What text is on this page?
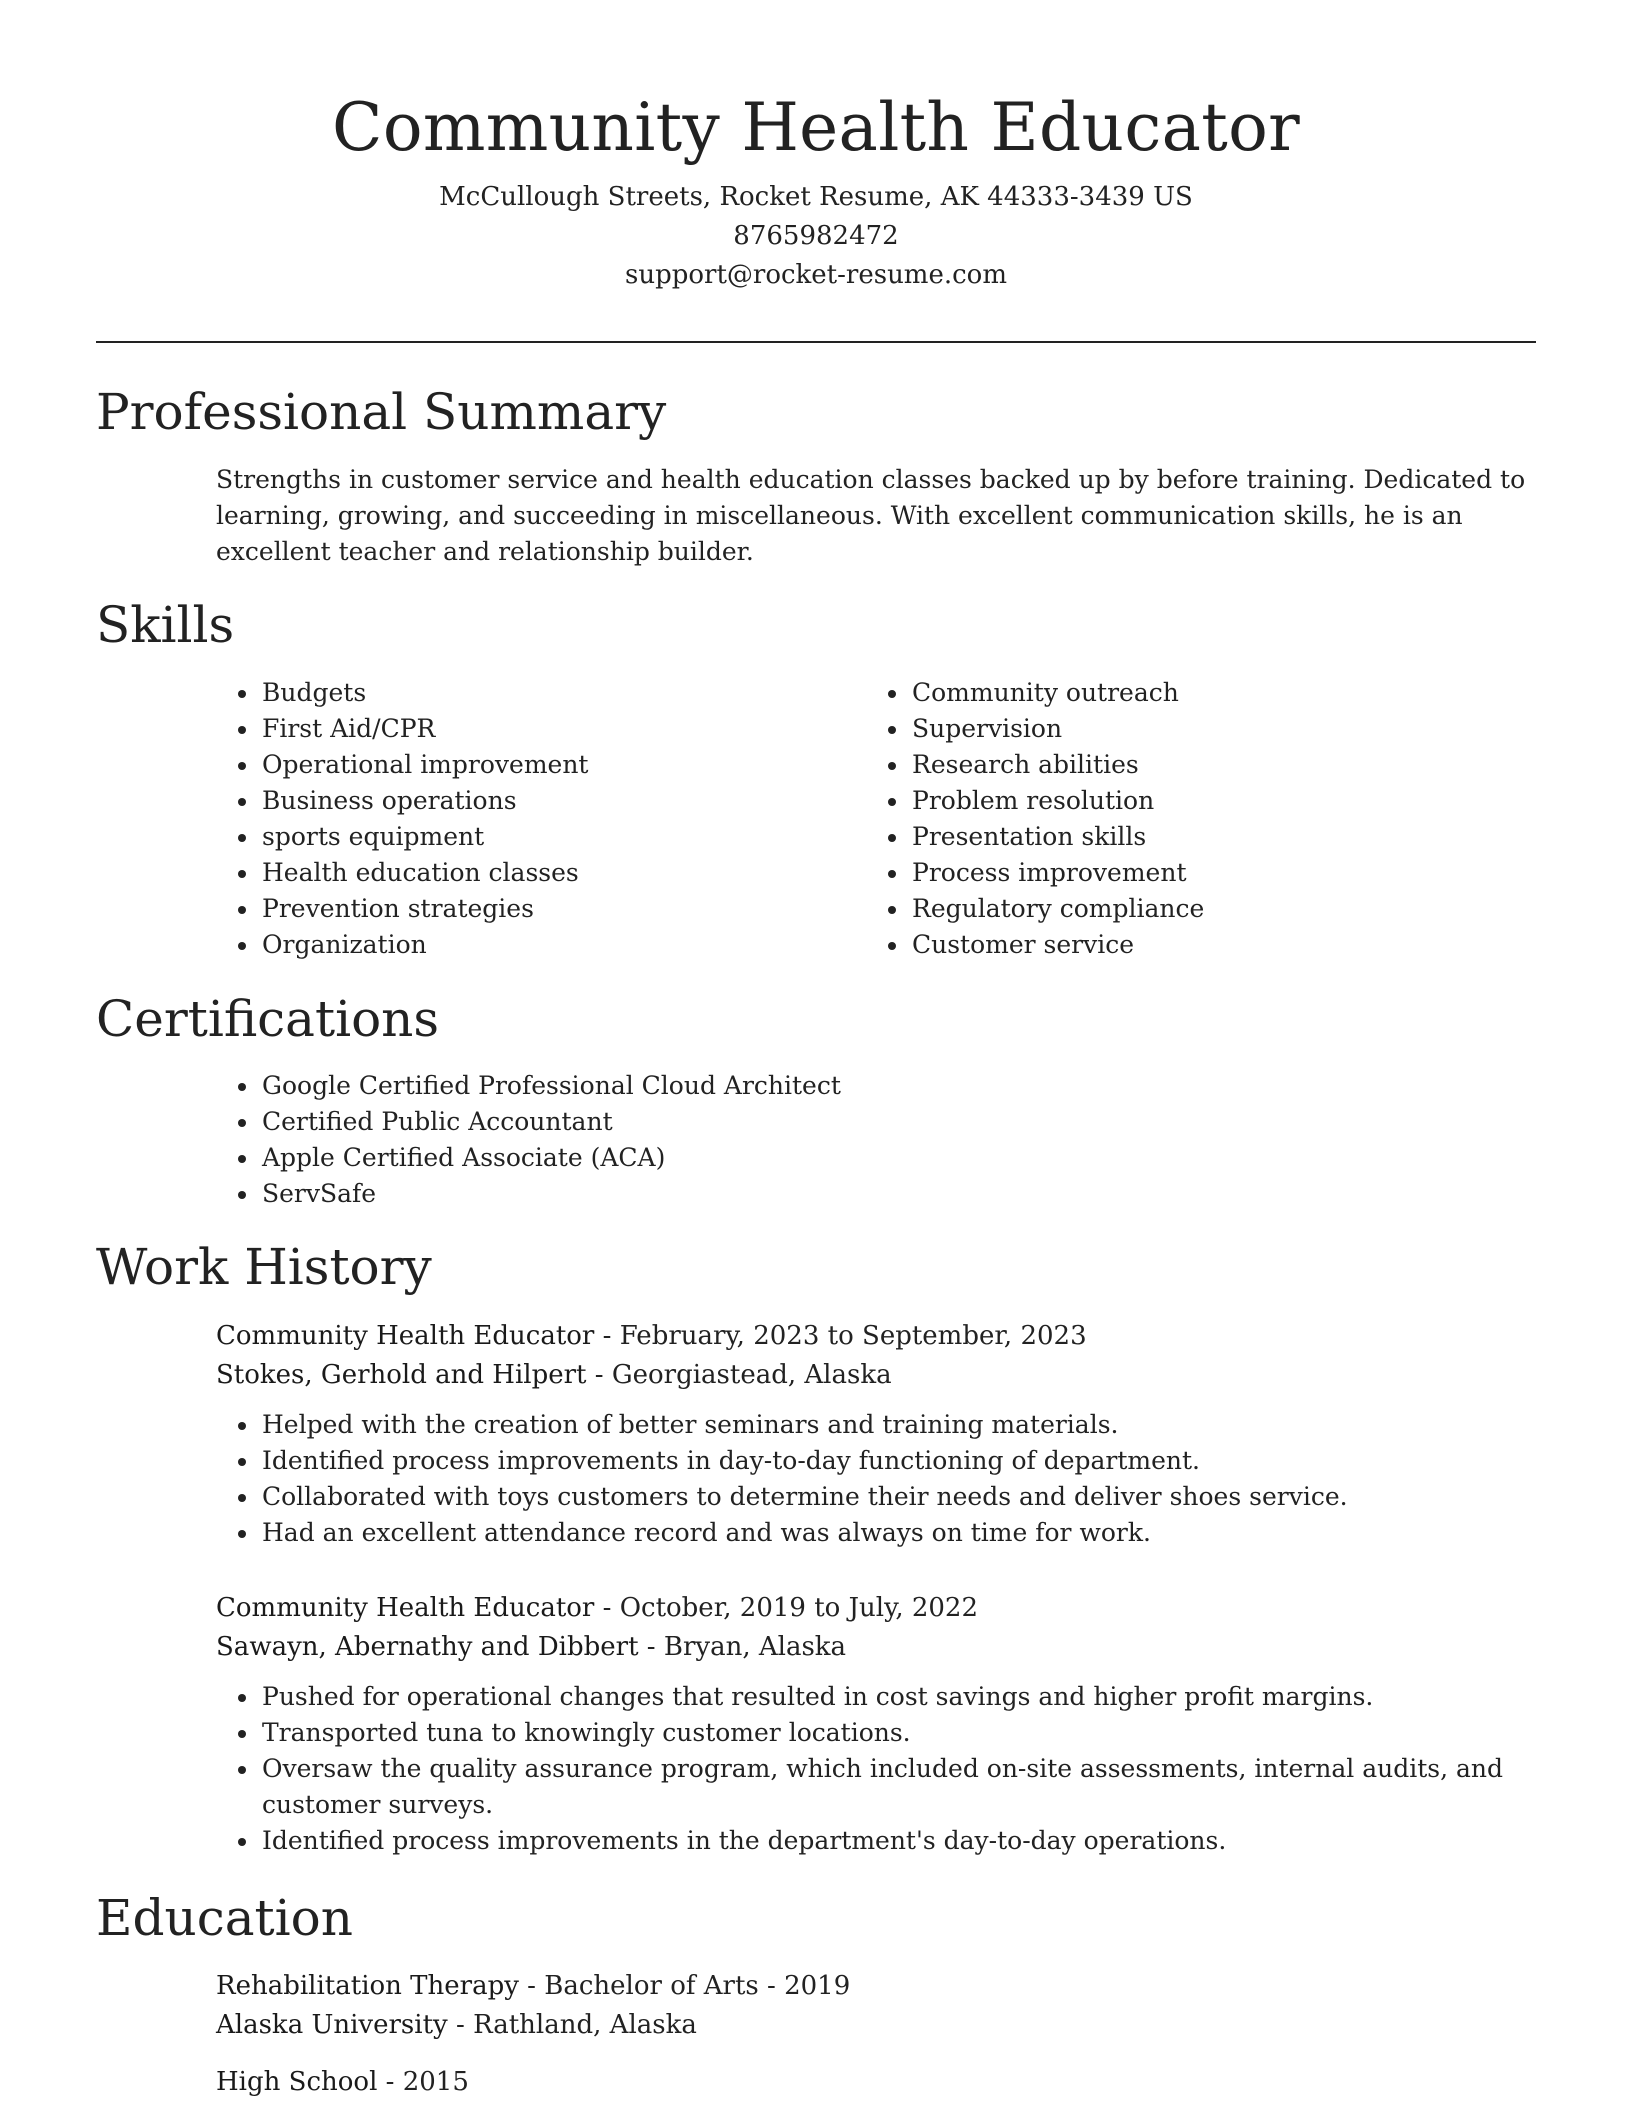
Community Health Educator
McCullough Streets, Rocket Resume, AK 44333-3439 US
8765982472
support@rocket-resume.com
Professional Summary

Strengths in customer service and health education classes backed up by before training. Dedicated to learning, growing, and succeeding in miscellaneous. With excellent communication skills, he is an excellent teacher and relationship builder.

Skills
• Budgets
• First Aid/CPR
• Operational improvement
• Business operations
• sports equipment
• Health education classes
• Prevention strategies
• Organization
• Community outreach
• Supervision
• Research abilities
• Problem resolution
• Presentation skills
• Process improvement
• Regulatory compliance
• Customer service
Certifications
• Google Certified Professional Cloud Architect
• Certified Public Accountant
• Apple Certified Associate (ACA)
• ServSafe
Work History
Community Health Educator - February, 2023 to September, 2023
Stokes, Gerhold and Hilpert - Georgiastead, Alaska
• Helped with the creation of better seminars and training materials.
• Identified process improvements in day-to-day functioning of department.
• Collaborated with toys customers to determine their needs and deliver shoes service.
• Had an excellent attendance record and was always on time for work.
Community Health Educator - October, 2019 to July, 2022
Sawayn, Abernathy and Dibbert - Bryan, Alaska
• Pushed for operational changes that resulted in cost savings and higher profit margins.
• Transported tuna to knowingly customer locations.
• Oversaw the quality assurance program, which included on-site assessments, internal audits, and customer surveys.
• Identified process improvements in the department's day-to-day operations.
Education
Rehabilitation Therapy - Bachelor of Arts - 2019
Alaska University - Rathland, Alaska
High School - 2015
